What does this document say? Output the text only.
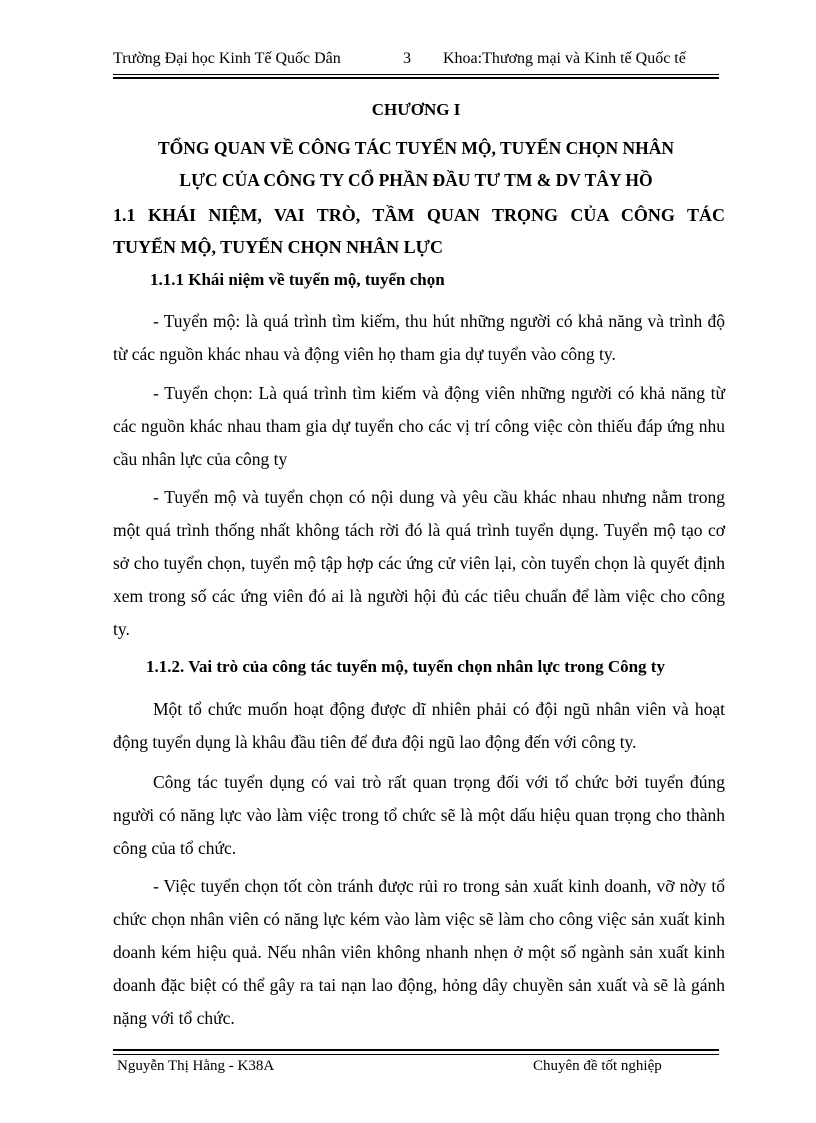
Trường Đại học Kinh Tế Quốc Dân	3 Khoa:Thương mại và Kinh tế Quốc tế
CHƯƠNG I
TỔNG QUAN VỀ CÔNG TÁC TUYỂN MỘ, TUYỂN CHỌN NHÂN
LỰC CỦA CÔNG TY CỔ PHẦN ĐẦU TƯ TM & DV TÂY HỒ
1.1 KHÁI NIỆM, VAI TRÒ, TẦM QUAN TRỌNG CỦA CÔNG TÁC
TUYỂN MỘ, TUYỂN CHỌN NHÂN LỰC
1.1.1 Khái niệm về tuyển mộ, tuyển chọn
- Tuyển mộ: là quá trình tìm kiếm, thu hút những người có khả năng và trình độ từ các nguồn khác nhau và động viên họ tham gia dự tuyển vào công ty.
- Tuyển chọn: Là quá trình tìm kiếm và động viên những người có khả năng từ các nguồn khác nhau tham gia dự tuyển cho các vị trí công việc còn thiếu đáp ứng nhu cầu nhân lực của công ty
- Tuyển mộ và tuyển chọn có nội dung và yêu cầu khác nhau nhưng nằm trong một quá trình thống nhất không tách rời đó là quá trình tuyển dụng. Tuyển mộ tạo cơ sở cho tuyển chọn, tuyển mộ tập hợp các ứng cử viên lại, còn tuyển chọn là quyết định xem trong số các ứng viên đó ai là người hội đủ các tiêu chuẩn để làm việc cho công ty.
1.1.2. Vai trò của công tác tuyển mộ, tuyển chọn nhân lực trong Công ty
Một tổ chức muốn hoạt động được dĩ nhiên phải có đội ngũ nhân viên và hoạt động tuyển dụng là khâu đầu tiên để đưa đội ngũ lao động đến với công ty.
Công tác tuyển dụng có vai trò rất quan trọng đối với tổ chức bởi tuyển đúng người có năng lực vào làm việc trong tổ chức sẽ là một dấu hiệu quan trọng cho thành công của tổ chức.
- Việc tuyển chọn tốt còn tránh được rủi ro trong sản xuất kinh doanh, vỡ nờy tổ chức chọn nhân viên có năng lực kém vào làm việc sẽ làm cho công việc sản xuất kinh doanh kém hiệu quả. Nếu nhân viên không nhanh nhẹn ở một số ngành sản xuất kinh doanh đặc biệt có thể gây ra tai nạn lao động, hỏng dây chuyền sản xuất và sẽ là gánh nặng với tổ chức.
Nguyễn Thị Hằng - K38A	Chuyên đề tốt nghiệp
